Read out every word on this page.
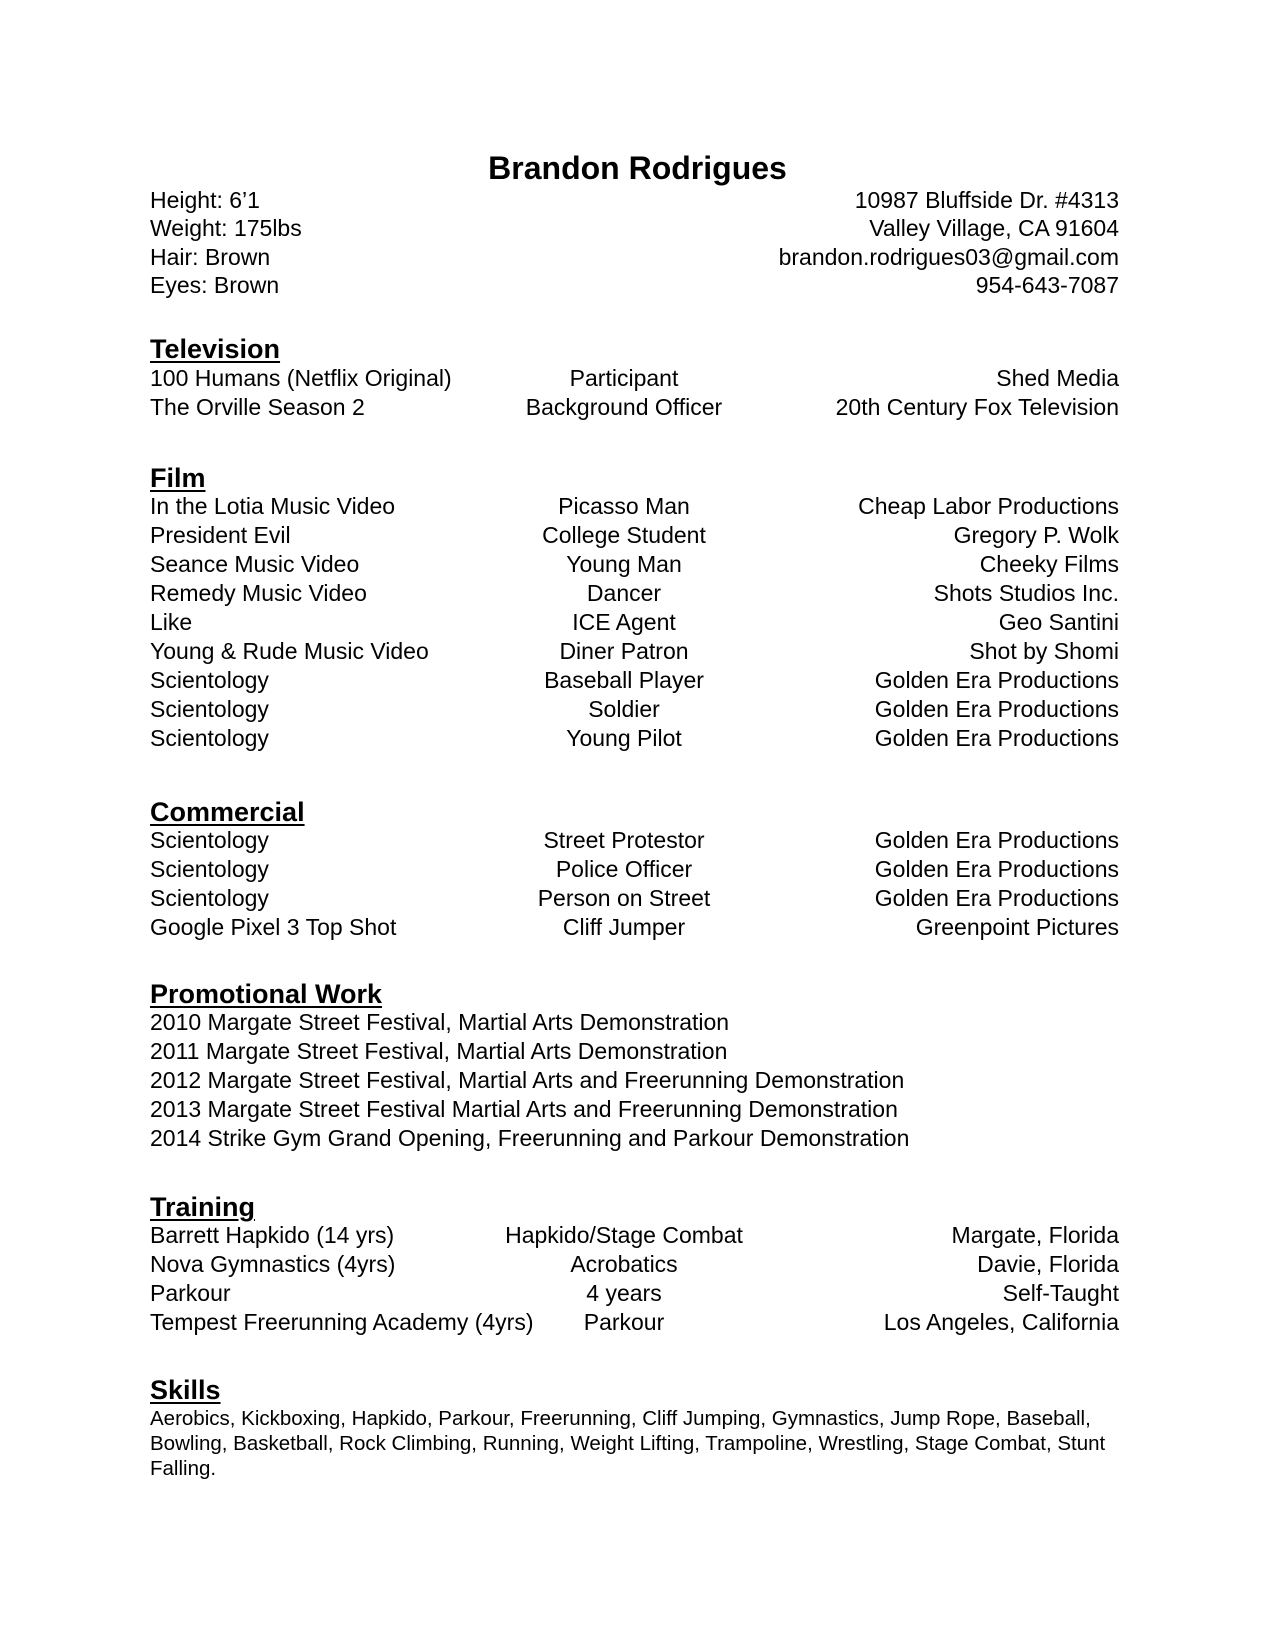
Brandon Rodrigues
Height: 6’1
Weight: 175lbs
Hair: Brown
Eyes: Brown
10987 Bluffside Dr. #4313
Valley Village, CA 91604
brandon.rodrigues03@gmail.com
954-643-7087
Television
100 Humans (Netflix Original)	Participant	Shed Media
The Orville Season 2	Background Officer	20th Century Fox Television
Film
In the Lotia Music Video	Picasso Man	Cheap Labor Productions
President Evil	College Student	Gregory P. Wolk
Seance Music Video	Young Man	Cheeky Films
Remedy Music Video	Dancer	Shots Studios Inc.
Like	ICE Agent	Geo Santini
Young & Rude Music Video	Diner Patron	Shot by Shomi
Scientology	Baseball Player	Golden Era Productions
Scientology	Soldier	Golden Era Productions
Scientology	Young Pilot	Golden Era Productions
Commercial
Scientology	Street Protestor	Golden Era Productions
Scientology	Police Officer	Golden Era Productions
Scientology	Person on Street	Golden Era Productions
Google Pixel 3 Top Shot	Cliff Jumper	Greenpoint Pictures
Promotional Work
2010 Margate Street Festival, Martial Arts Demonstration
2011 Margate Street Festival, Martial Arts Demonstration
2012 Margate Street Festival, Martial Arts and Freerunning Demonstration
2013 Margate Street Festival Martial Arts and Freerunning Demonstration
2014 Strike Gym Grand Opening, Freerunning and Parkour Demonstration
Training
Barrett Hapkido (14 yrs)	Hapkido/Stage Combat	Margate, Florida
Nova Gymnastics (4yrs)	Acrobatics	Davie, Florida
Parkour	4 years	Self-Taught
Tempest Freerunning Academy (4yrs) Parkour	Los Angeles, California
Skills
Aerobics, Kickboxing, Hapkido, Parkour, Freerunning, Cliff Jumping, Gymnastics, Jump Rope, Baseball, Bowling, Basketball, Rock Climbing, Running, Weight Lifting, Trampoline, Wrestling, Stage Combat, Stunt Falling.
